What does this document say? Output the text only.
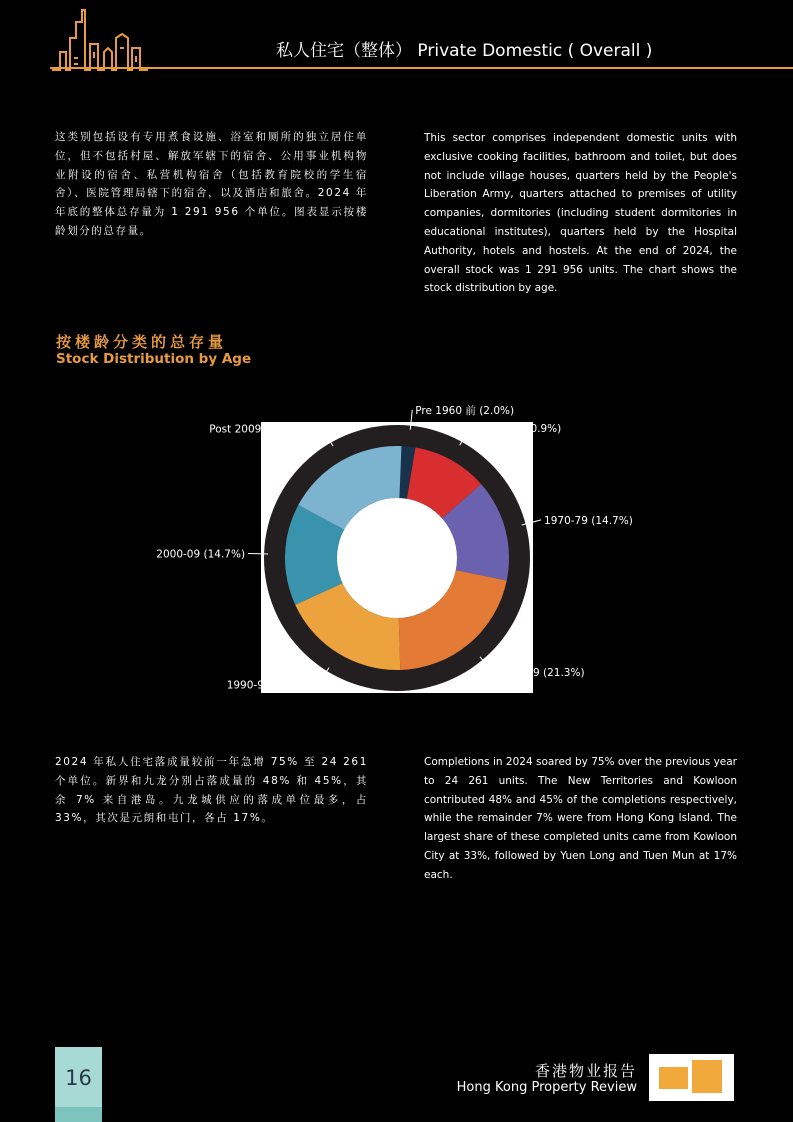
私人住宅（整体） Private Domestic ( Overall )
这类别包括设有专用煮食设施、浴室和厕所的独立居住单位，但不包括村屋、解放军辖下的宿舍、公用事业机构物业附设的宿舍、私营机构宿舍（包括教育院校的学生宿舍）、医院管理局辖下的宿舍，以及酒店和旅舍。2024 年年底的整体总存量为 1 291 956 个单位。图表显示按楼龄划分的总存量。
This sector comprises independent domestic units with exclusive cooking facilities, bathroom and toilet, but does not include village houses, quarters held by the People's Liberation Army, quarters attached to premises of utility companies, dormitories (including student dormitories in educational institutes), quarters held by the Hospital Authority, hotels and hostels. At the end of 2024, the overall stock was 1 291 956 units. The chart shows the stock distribution by age.
按楼龄分类的总存量
Stock Distribution by Age
Pre 1960 前 (2.0%)
1960-69 (10.9%)
1970-79 (14.7%)
1980-89 (21.3%)
1990-99 (18.6%)
2000-09 (14.7%)
Post 2009 后 (17.8%)
2024 年私人住宅落成量较前一年急增 75% 至 24 261 个单位。新界和九龙分别占落成量的 48% 和 45%，其余 7% 来自港岛。九龙城供应的落成单位最多，占 33%，其次是元朗和屯门，各占 17%。
Completions in 2024 soared by 75% over the previous year to 24 261 units. The New Territories and Kowloon contributed 48% and 45% of the completions respectively, while the remainder 7% were from Hong Kong Island. The largest share of these completed units came from Kowloon City at 33%, followed by Yuen Long and Tuen Mun at 17% each.
16	香港物业报告
Hong Kong Property Review
